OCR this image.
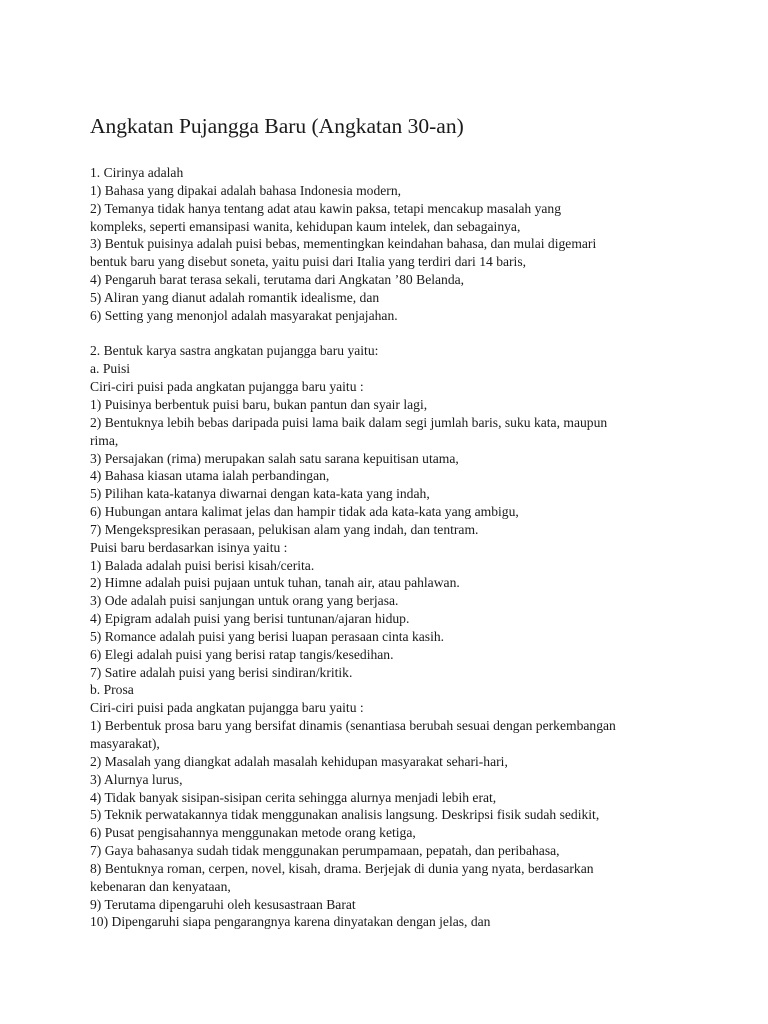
Angkatan Pujangga Baru (Angkatan 30-an)
1. Cirinya adalah
1) Bahasa yang dipakai adalah bahasa Indonesia modern,
2) Temanya tidak hanya tentang adat atau kawin paksa, tetapi mencakup masalah yang
kompleks, seperti emansipasi wanita, kehidupan kaum intelek, dan sebagainya,
3) Bentuk puisinya adalah puisi bebas, mementingkan keindahan bahasa, dan mulai digemari
bentuk baru yang disebut soneta, yaitu puisi dari Italia yang terdiri dari 14 baris,
4) Pengaruh barat terasa sekali, terutama dari Angkatan ’80 Belanda,
5) Aliran yang dianut adalah romantik idealisme, dan
6) Setting yang menonjol adalah masyarakat penjajahan.
2. Bentuk karya sastra angkatan pujangga baru yaitu:
a. Puisi
Ciri-ciri puisi pada angkatan pujangga baru yaitu :
1) Puisinya berbentuk puisi baru, bukan pantun dan syair lagi,
2) Bentuknya lebih bebas daripada puisi lama baik dalam segi jumlah baris, suku kata, maupun
rima,
3) Persajakan (rima) merupakan salah satu sarana kepuitisan utama,
4) Bahasa kiasan utama ialah perbandingan,
5) Pilihan kata-katanya diwarnai dengan kata-kata yang indah,
6) Hubungan antara kalimat jelas dan hampir tidak ada kata-kata yang ambigu,
7) Mengekspresikan perasaan, pelukisan alam yang indah, dan tentram.
Puisi baru berdasarkan isinya yaitu :
1) Balada adalah puisi berisi kisah/cerita.
2) Himne adalah puisi pujaan untuk tuhan, tanah air, atau pahlawan.
3) Ode adalah puisi sanjungan untuk orang yang berjasa.
4) Epigram adalah puisi yang berisi tuntunan/ajaran hidup.
5) Romance adalah puisi yang berisi luapan perasaan cinta kasih.
6) Elegi adalah puisi yang berisi ratap tangis/kesedihan.
7) Satire adalah puisi yang berisi sindiran/kritik.
b. Prosa
Ciri-ciri puisi pada angkatan pujangga baru yaitu :
1) Berbentuk prosa baru yang bersifat dinamis (senantiasa berubah sesuai dengan perkembangan
masyarakat),
2) Masalah yang diangkat adalah masalah kehidupan masyarakat sehari-hari,
3) Alurnya lurus,
4) Tidak banyak sisipan-sisipan cerita sehingga alurnya menjadi lebih erat,
5) Teknik perwatakannya tidak menggunakan analisis langsung. Deskripsi fisik sudah sedikit,
6) Pusat pengisahannya menggunakan metode orang ketiga,
7) Gaya bahasanya sudah tidak menggunakan perumpamaan, pepatah, dan peribahasa,
8) Bentuknya roman, cerpen, novel, kisah, drama. Berjejak di dunia yang nyata, berdasarkan
kebenaran dan kenyataan,
9) Terutama dipengaruhi oleh kesusastraan Barat
10) Dipengaruhi siapa pengarangnya karena dinyatakan dengan jelas, dan
